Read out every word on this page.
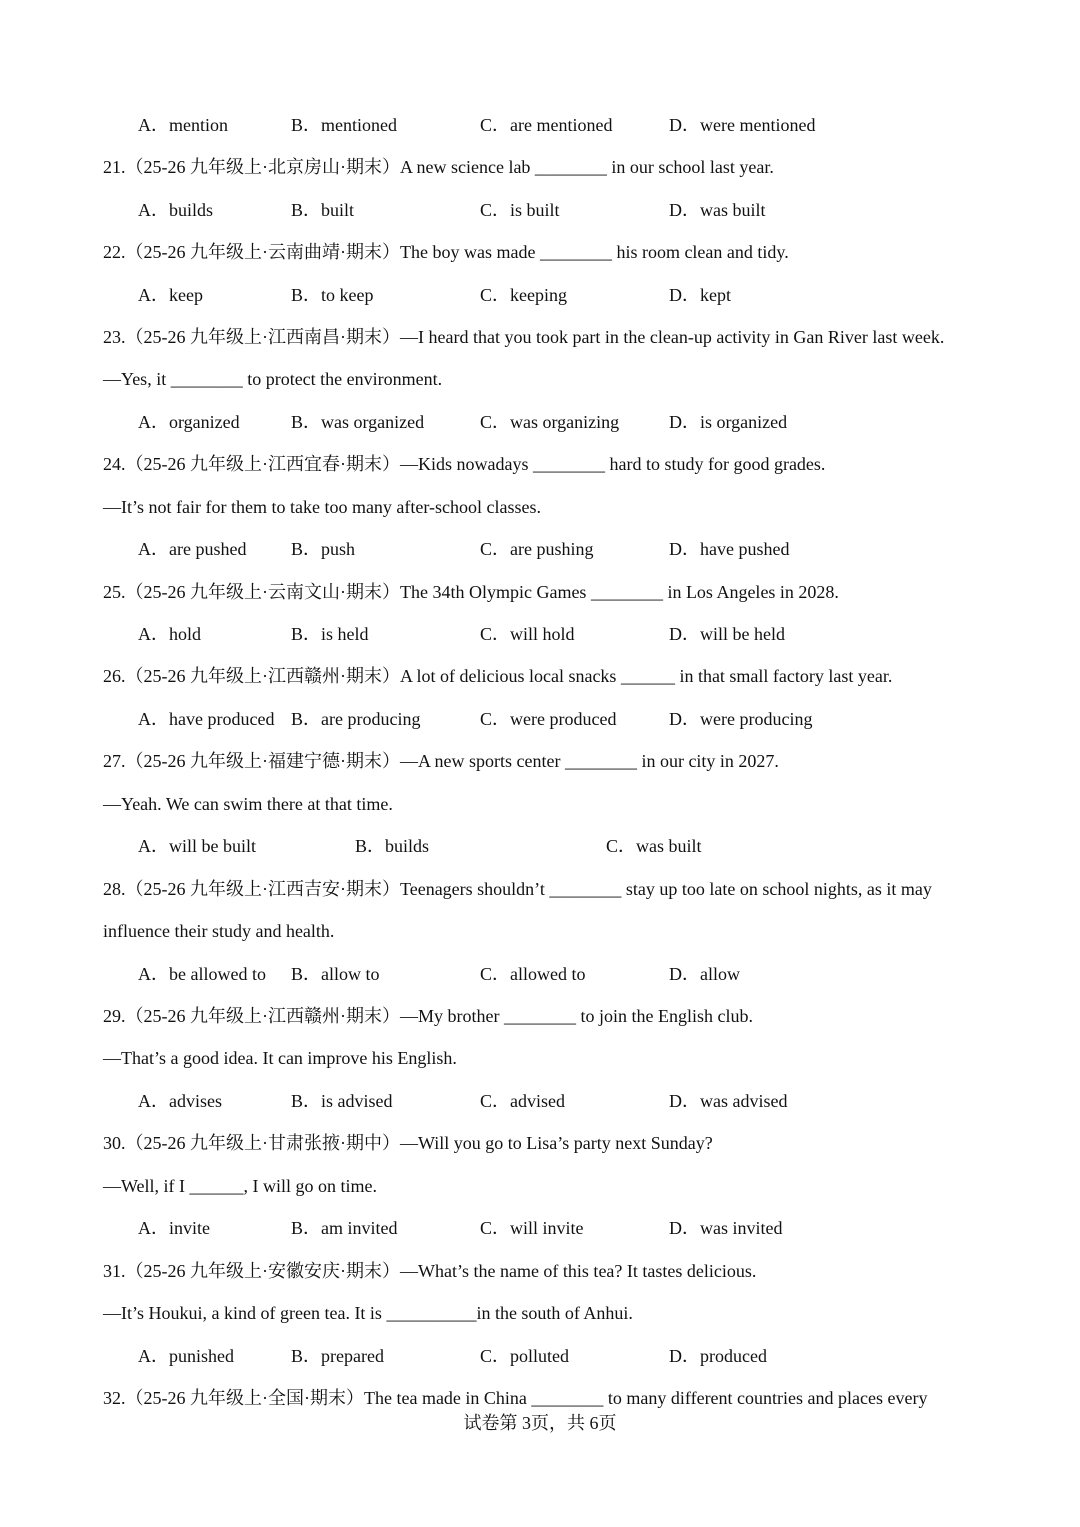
A．mention	B．mentioned	C．are mentioned	D．were mentioned
21.（25-26 九年级上·北京房山·期末）A new science lab ________ in our school last year.
A．builds	B．built	C．is built	D．was built
22.（25-26 九年级上·云南曲靖·期末）The boy was made ________ his room clean and tidy.
A．keep	B．to keep	C．keeping	D．kept
23.（25-26 九年级上·江西南昌·期末）—I heard that you took part in the clean-up activity in Gan River last week.
—Yes, it ________ to protect the environment.
A．organized	B．was organized	C．was organizing	D．is organized
24.（25-26 九年级上·江西宜春·期末）—Kids nowadays ________ hard to study for good grades.
—It’s not fair for them to take too many after-school classes.
A．are pushed B．push	C．are pushing	D．have pushed
25.（25-26 九年级上·云南文山·期末）The 34th Olympic Games ________ in Los Angeles in 2028.
A．hold	B．is held	C．will hold	D．will be held
26.（25-26 九年级上·江西赣州·期末）A lot of delicious local snacks ______ in that small factory last year.
A．have produced B．are producing	C．were produced	D．were producing
27.（25-26 九年级上·福建宁德·期末）—A new sports center ________ in our city in 2027.
—Yeah. We can swim there at that time.
A．will be built	B．builds	C．was built
28.（25-26 九年级上·江西吉安·期末）Teenagers shouldn’t ________ stay up too late on school nights, as it may
influence their study and health.
A．be allowed to B．allow to	C．allowed to	D．allow
29.（25-26 九年级上·江西赣州·期末）—My brother ________ to join the English club.
—That’s a good idea. It can improve his English.
A．advises	B．is advised	C．advised	D．was advised
30.（25-26 九年级上·甘肃张掖·期中）—Will you go to Lisa’s party next Sunday?
—Well, if I ______, I will go on time.
A．invite	B．am invited	C．will invite	D．was invited
31.（25-26 九年级上·安徽安庆·期末）—What’s the name of this tea? It tastes delicious.
—It’s Houkui, a kind of green tea. It is __________in the south of Anhui.
A．punished	B．prepared	C．polluted	D．produced
32.（25-26 九年级上·全国·期末）The tea made in China ________ to many different countries and places every
试卷第 3页，共 6页
